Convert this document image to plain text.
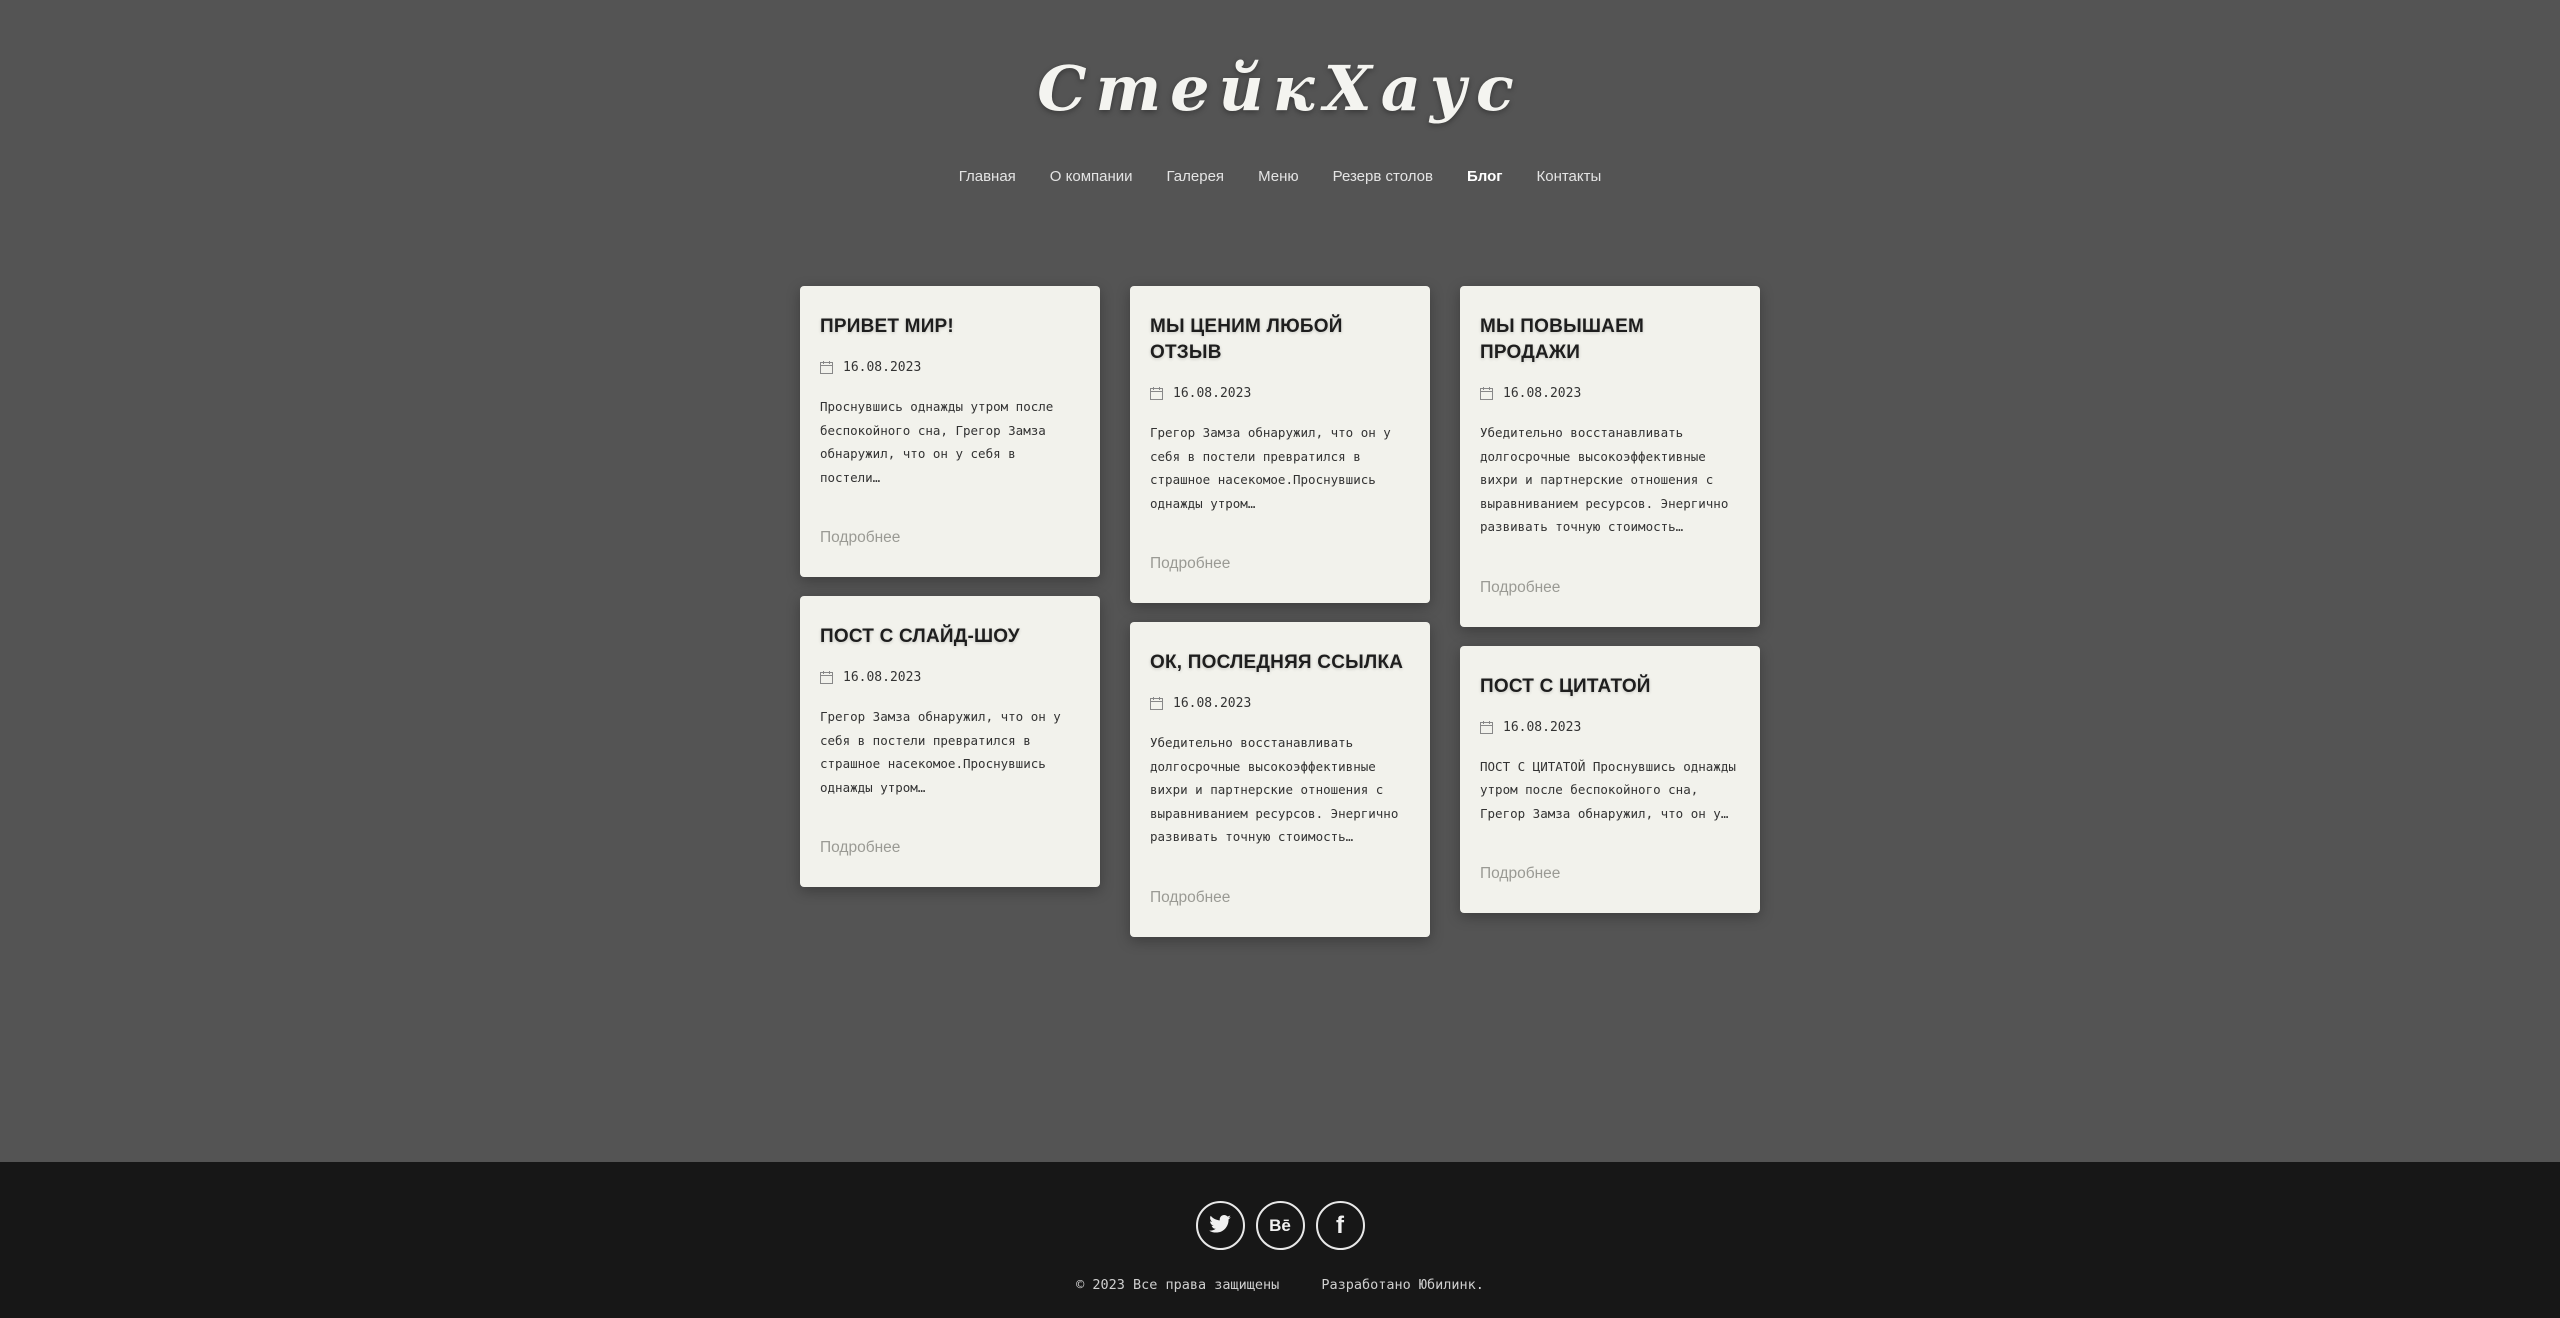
СтейкХаус
Главная О компании Галерея Меню Резерв столов Блог Контакты
ПРИВЕТ МИР!
16.08.2023

Проснувшись однажды утром после беспокойного сна, Грегор Замза обнаружил, что он у себя в постели…

Подробнее
ПОСТ С СЛАЙД-ШОУ
16.08.2023

Грегор Замза обнаружил, что он у себя в постели превратился в страшное насекомое.Проснувшись однажды утром…

Подробнее
МЫ ЦЕНИМ ЛЮБОЙ ОТЗЫВ
16.08.2023

Грегор Замза обнаружил, что он у себя в постели превратился в страшное насекомое.Проснувшись однажды утром…

Подробнее
ОК, ПОСЛЕДНЯЯ ССЫЛКА
16.08.2023

Убедительно восстанавливать долгосрочные высокоэффективные вихри и партнерские отношения с выравниванием ресурсов. Энергично развивать точную стоимость…

Подробнее
МЫ ПОВЫШАЕМ ПРОДАЖИ
16.08.2023

Убедительно восстанавливать долгосрочные высокоэффективные вихри и партнерские отношения с выравниванием ресурсов. Энергично развивать точную стоимость…

Подробнее
ПОСТ С ЦИТАТОЙ
16.08.2023

ПОСТ С ЦИТАТОЙ Проснувшись однажды утром после беспокойного сна, Грегор Замза обнаружил, что он у…

Подробнее
Bē f
© 2023 Все права защищены	Разработано Юбилинк.
